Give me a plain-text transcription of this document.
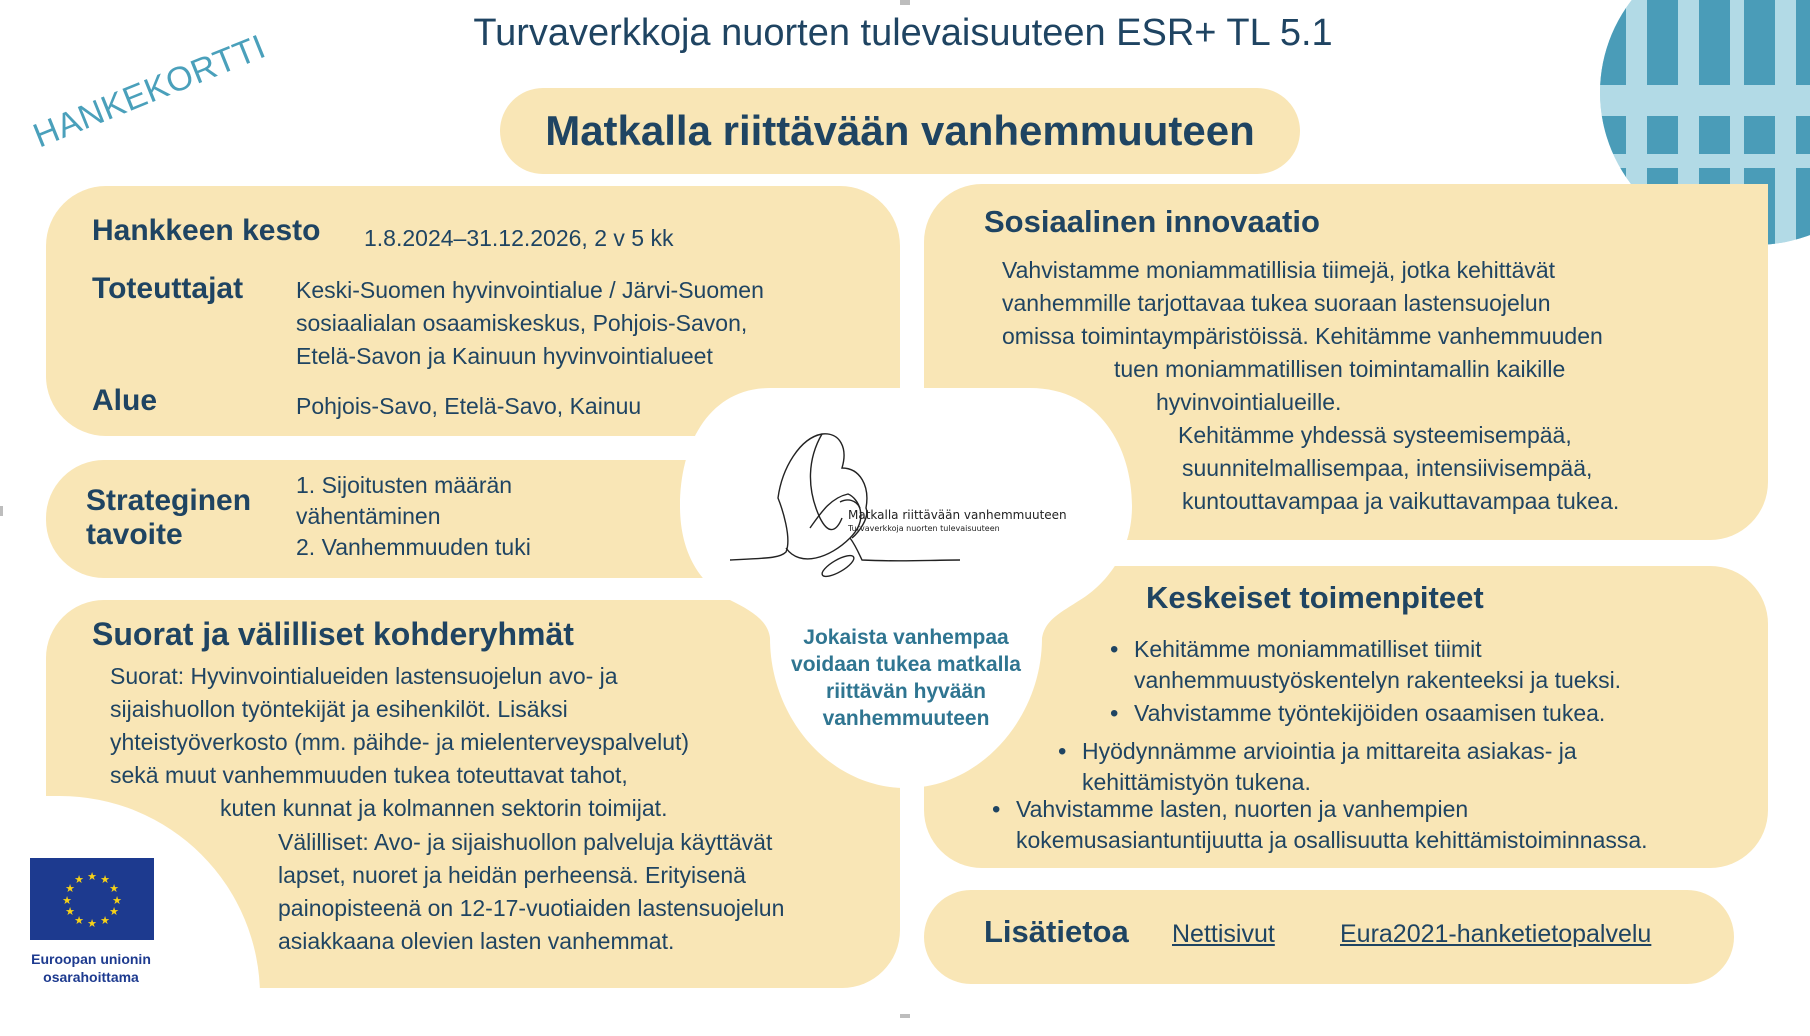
HANKEKORTTI	Turvaverkkoja nuorten tulevaisuuteen ESR+ TL 5.1
Matkalla riittävään vanhemmuuteen
Hankkeen kesto 1.8.2024–31.12.2026, 2 v 5 kk
Toteuttajat Keski-Suomen hyvinvointialue / Järvi-Suomen
sosiaalialan osaamiskeskus, Pohjois-Savon,
Etelä-Savon ja Kainuun hyvinvointialueet
Alue	Pohjois-Savo, Etelä-Savo, Kainuu
Strateginen
tavoite
1. Sijoitusten määrän
vähentäminen
2. Vanhemmuuden tuki
Suorat ja välilliset kohderyhmät
Suorat: Hyvinvointialueiden lastensuojelun avo- ja
sijaishuollon työntekijät ja esihenkilöt. Lisäksi
yhteistyöverkosto (mm. päihde- ja mielenterveyspalvelut)
sekä muut vanhemmuuden tukea toteuttavat tahot,
kuten kunnat ja kolmannen sektorin toimijat.
Välilliset: Avo- ja sijaishuollon palveluja käyttävät
lapset, nuoret ja heidän perheensä. Erityisenä
painopisteenä on 12-17-vuotiaiden lastensuojelun
asiakkaana olevien lasten vanhemmat.
★ ★
★
★
★
★
★
★
★
★
★
★
Euroopan unionin
osarahoittama
Sosiaalinen innovaatio
Vahvistamme moniammatillisia tiimejä, jotka kehittävät
vanhemmille tarjottavaa tukea suoraan lastensuojelun
omissa toimintaympäristöissä. Kehitämme vanhemmuuden
tuen moniammatillisen toimintamallin kaikille
hyvinvointialueille.
Kehitämme yhdessä systeemisempää,
suunnitelmallisempaa, intensiivisempää,
kuntouttavampaa ja vaikuttavampaa tukea.
Keskeiset toimenpiteet
• Kehitämme moniammatilliset tiimit
vanhemmuustyöskentelyn rakenteeksi ja tueksi.
• Vahvistamme työntekijöiden osaamisen tukea.
• Hyödynnämme arviointia ja mittareita asiakas- ja
kehittämistyön tukena.
• Vahvistamme lasten, nuorten ja vanhempien
kokemusasiantuntijuutta ja osallisuutta kehittämistoiminnassa.
Lisätietoa Nettisivut	Eura2021-hanketietopalvelu
Matkalla riittävään vanhemmuuteen
Turvaverkkoja nuorten tulevaisuuteen
Jokaista vanhempaa
voidaan tukea matkalla
riittävän hyvään
vanhemmuuteen
